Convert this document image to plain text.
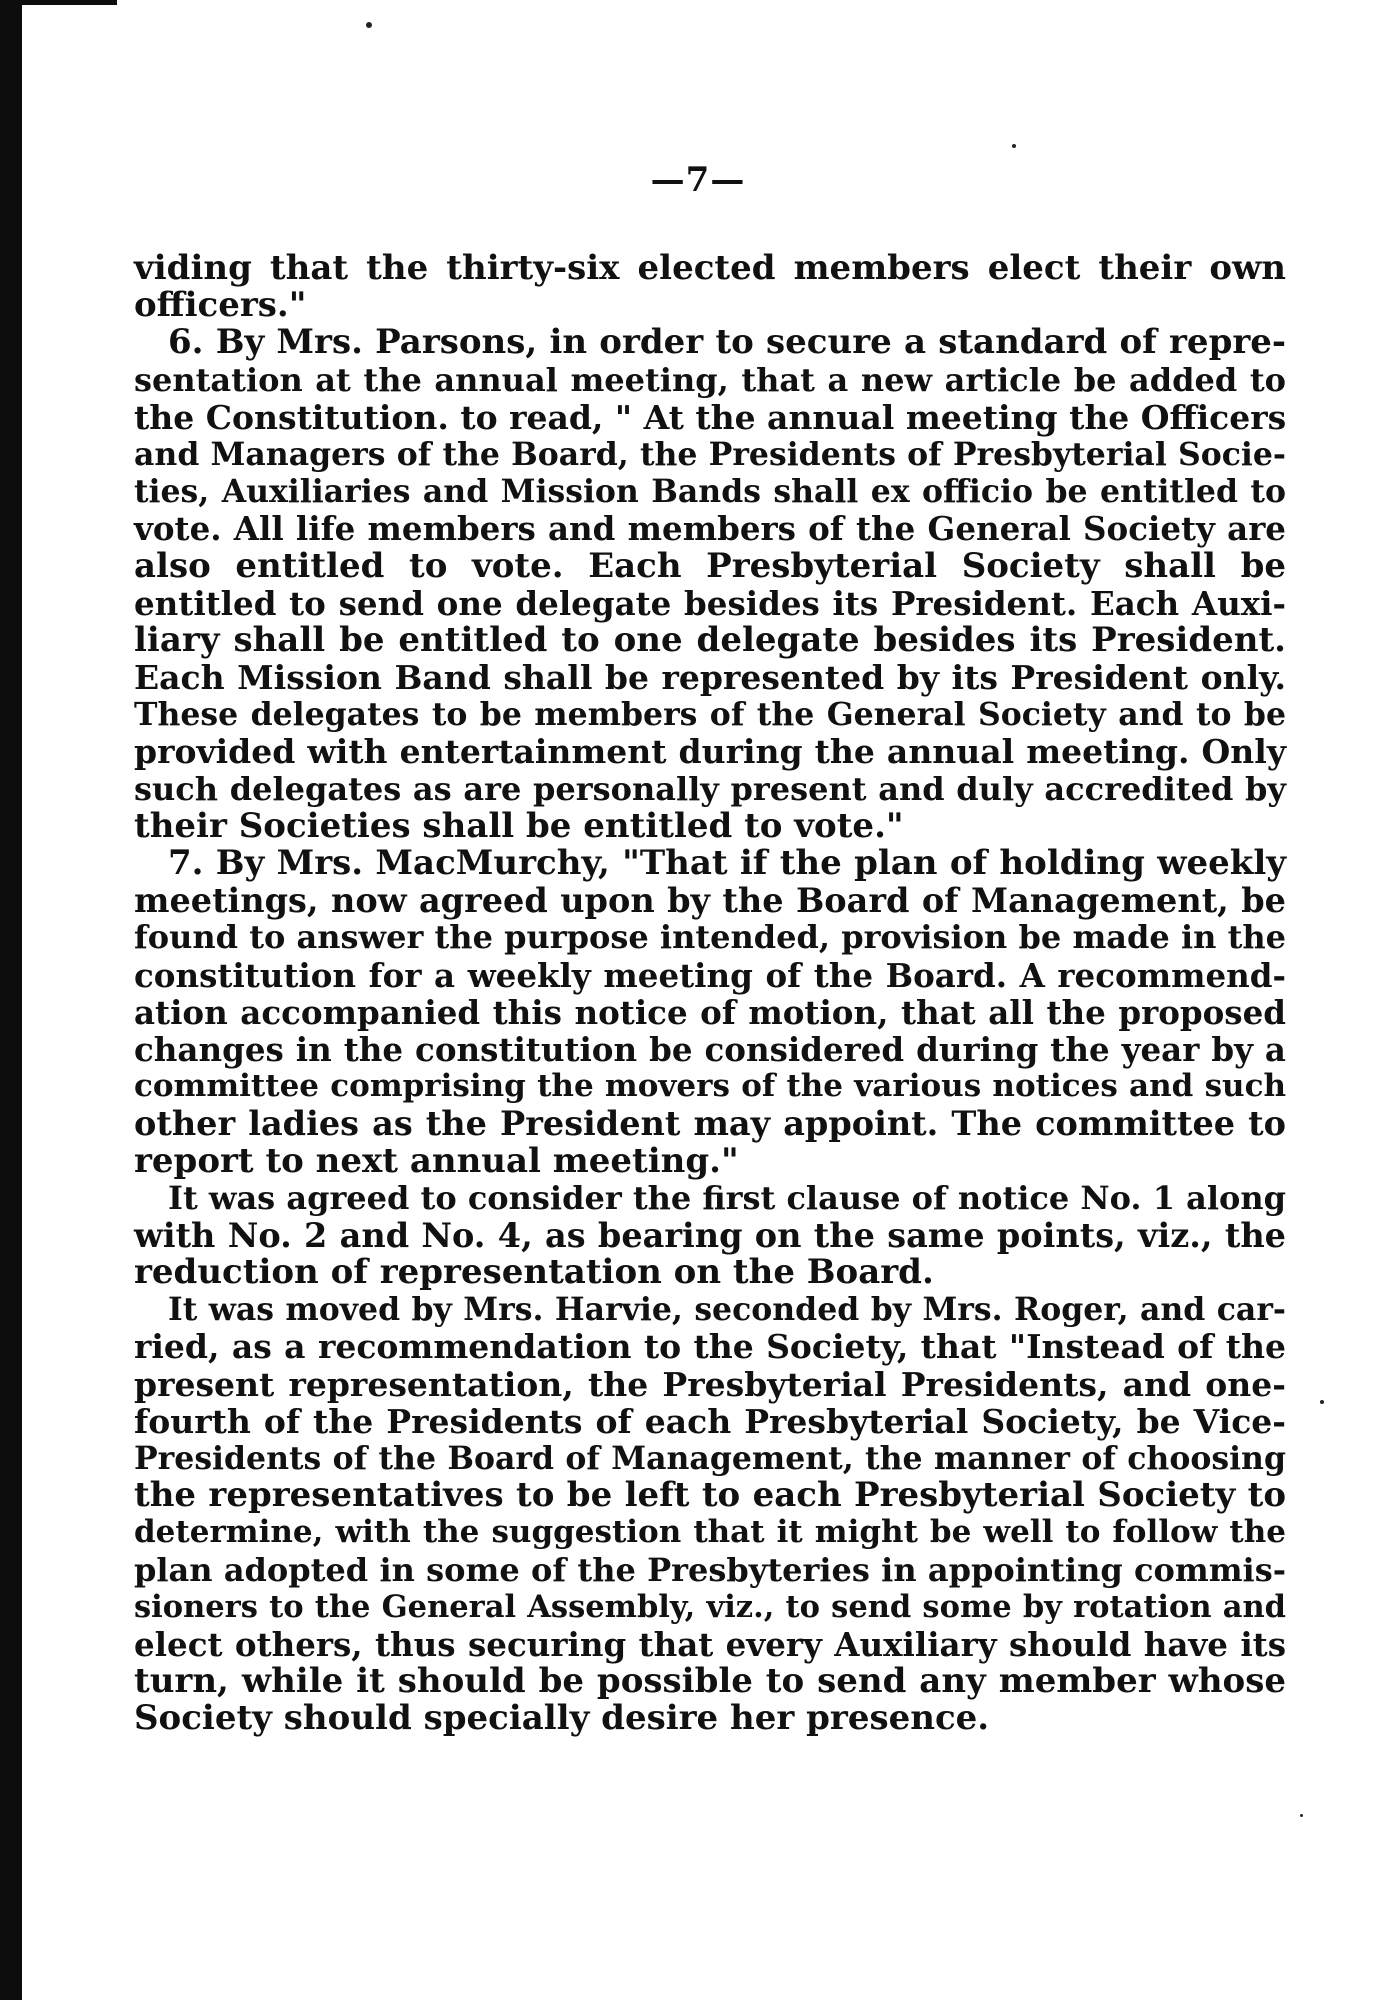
—7—
viding that the thirty-six elected members elect their own
officers."
6. By Mrs. Parsons, in order to secure a standard of repre-
sentation at the annual meeting, that a new article be added to
the Constitution. to read, " At the annual meeting the Officers
and Managers of the Board, the Presidents of Presbyterial Socie-
ties, Auxiliaries and Mission Bands shall ex officio be entitled to
vote. All life members and members of the General Society are
also entitled to vote. Each Presbyterial Society shall be
entitled to send one delegate besides its President. Each Auxi-
liary shall be entitled to one delegate besides its President.
Each Mission Band shall be represented by its President only.
These delegates to be members of the General Society and to be
provided with entertainment during the annual meeting. Only
such delegates as are personally present and duly accredited by
their Societies shall be entitled to vote."
7. By Mrs. MacMurchy, "That if the plan of holding weekly
meetings, now agreed upon by the Board of Management, be
found to answer the purpose intended, provision be made in the
constitution for a weekly meeting of the Board. A recommend-
ation accompanied this notice of motion, that all the proposed
changes in the constitution be considered during the year by a
committee comprising the movers of the various notices and such
other ladies as the President may appoint. The committee to
report to next annual meeting."
It was agreed to consider the first clause of notice No. 1 along
with No. 2 and No. 4, as bearing on the same points, viz., the
reduction of representation on the Board.
It was moved by Mrs. Harvie, seconded by Mrs. Roger, and car-
ried, as a recommendation to the Society, that "Instead of the
present representation, the Presbyterial Presidents, and one-
fourth of the Presidents of each Presbyterial Society, be Vice-
Presidents of the Board of Management, the manner of choosing
the representatives to be left to each Presbyterial Society to
determine, with the suggestion that it might be well to follow the
plan adopted in some of the Presbyteries in appointing commis-
sioners to the General Assembly, viz., to send some by rotation and
elect others, thus securing that every Auxiliary should have its
turn, while it should be possible to send any member whose
Society should specially desire her presence.
